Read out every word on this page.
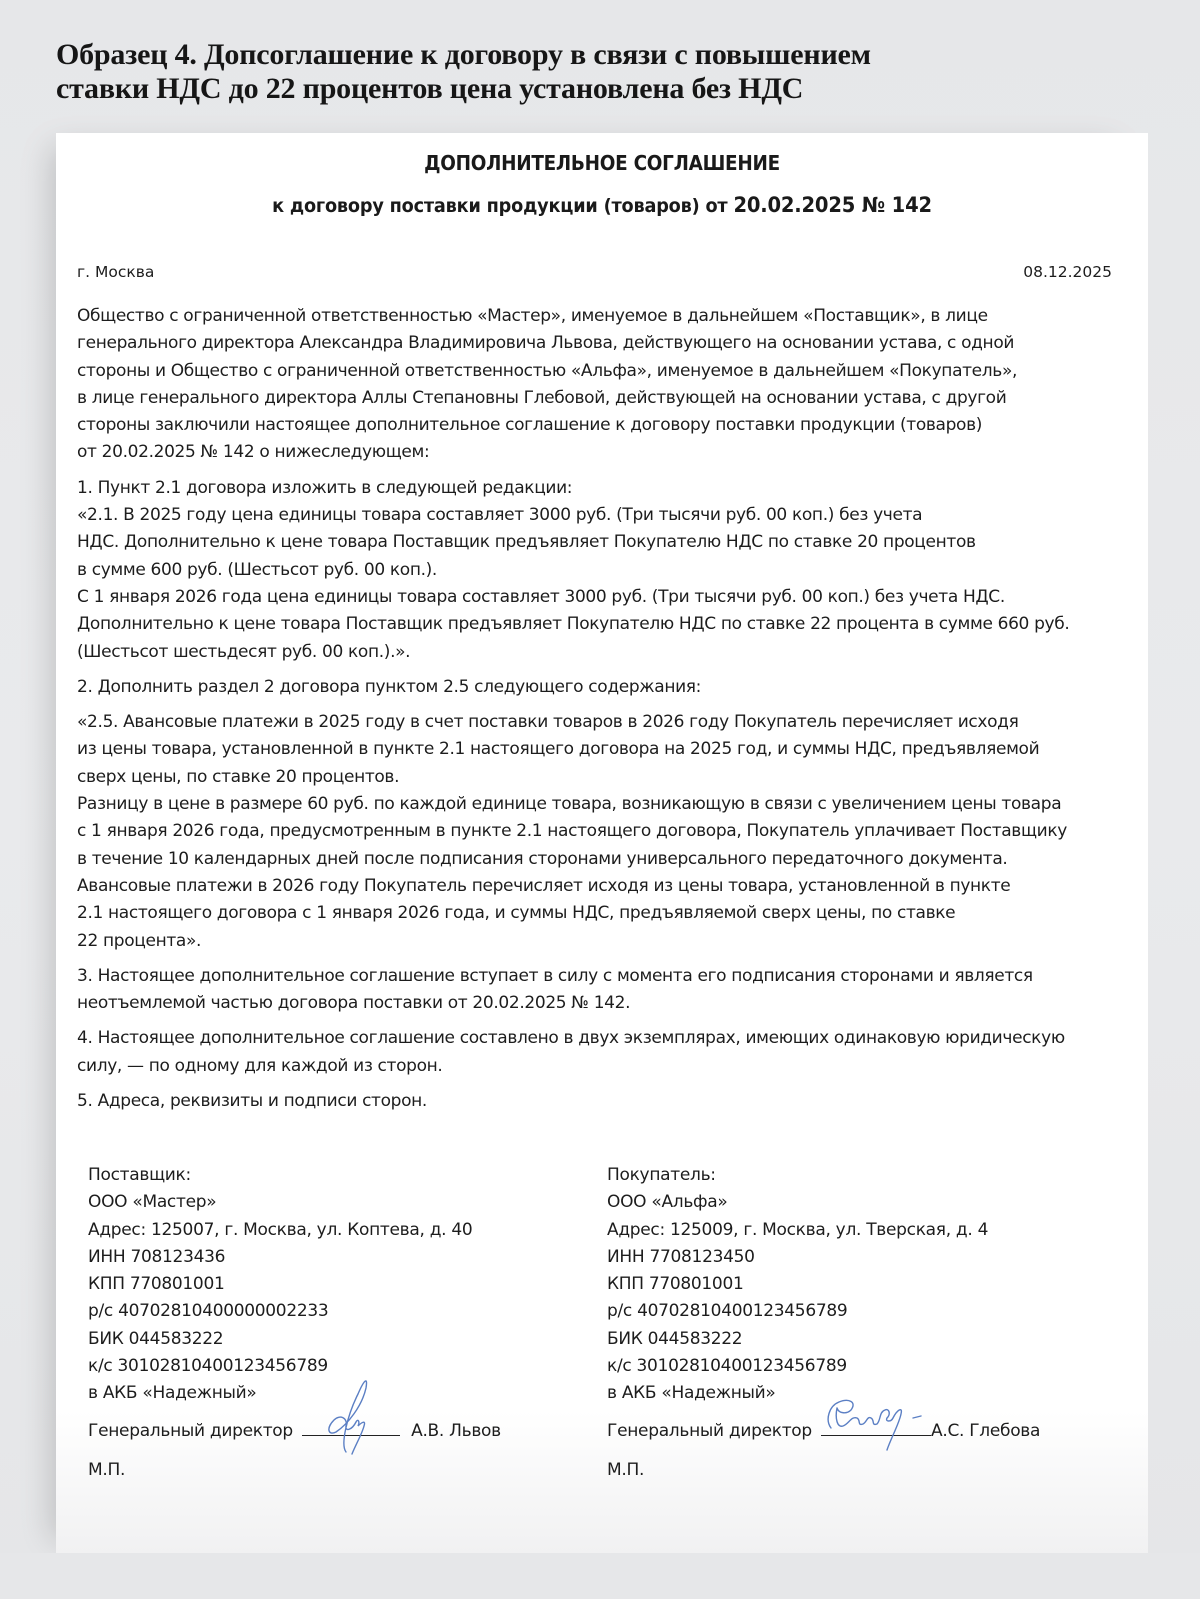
Образец 4. Допсоглашение к договору в связи с повышением
ставки НДС до 22 процентов цена установлена без НДС
ДОПОЛНИТЕЛЬНОЕ СОГЛАШЕНИЕ
к договору поставки продукции (товаров) от 20.02.2025 № 142
г. Москва	08.12.2025
Общество с ограниченной ответственностью «Мастер», именуемое в дальнейшем «Поставщик», в лице
генерального директора Александра Владимировича Львова, действующего на основании устава, с одной
стороны и Общество с ограниченной ответственностью «Альфа», именуемое в дальнейшем «Покупатель»,
в лице генерального директора Аллы Степановны Глебовой, действующей на основании устава, с другой
стороны заключили настоящее дополнительное соглашение к договору поставки продукции (товаров)
от 20.02.2025 № 142 о нижеследующем:
1. Пункт 2.1 договора изложить в следующей редакции:
«2.1. В 2025 году цена единицы товара составляет 3000 руб. (Три тысячи руб. 00 коп.) без учета
НДС. Дополнительно к цене товара Поставщик предъявляет Покупателю НДС по ставке 20 процентов
в сумме 600 руб. (Шестьсот руб. 00 коп.).
С 1 января 2026 года цена единицы товара составляет 3000 руб. (Три тысячи руб. 00 коп.) без учета НДС.
Дополнительно к цене товара Поставщик предъявляет Покупателю НДС по ставке 22 процента в сумме 660 руб.
(Шестьсот шестьдесят руб. 00 коп.).».
2. Дополнить раздел 2 договора пунктом 2.5 следующего содержания:
«2.5. Авансовые платежи в 2025 году в счет поставки товаров в 2026 году Покупатель перечисляет исходя
из цены товара, установленной в пункте 2.1 настоящего договора на 2025 год, и суммы НДС, предъявляемой
сверх цены, по ставке 20 процентов.
Разницу в цене в размере 60 руб. по каждой единице товара, возникающую в связи с увеличением цены товара
с 1 января 2026 года, предусмотренным в пункте 2.1 настоящего договора, Покупатель уплачивает Поставщику
в течение 10 календарных дней после подписания сторонами универсального передаточного документа.
Авансовые платежи в 2026 году Покупатель перечисляет исходя из цены товара, установленной в пункте
2.1 настоящего договора с 1 января 2026 года, и суммы НДС, предъявляемой сверх цены, по ставке
22 процента».
3. Настоящее дополнительное соглашение вступает в силу с момента его подписания сторонами и является
неотъемлемой частью договора поставки от 20.02.2025 № 142.
4. Настоящее дополнительное соглашение составлено в двух экземплярах, имеющих одинаковую юридическую
силу, — по одному для каждой из сторон.
5. Адреса, реквизиты и подписи сторон.
Поставщик:
ООО «Мастер»
Адрес: 125007, г. Москва, ул. Коптева, д. 40
ИНН 708123436
КПП 770801001
р/с 40702810400000002233
БИК 044583222
к/с 30102810400123456789
в АКБ «Надежный»
Генеральный директор	А.В. Львов
М.П.
Покупатель:
ООО «Альфа»
Адрес: 125009, г. Москва, ул. Тверская, д. 4
ИНН 7708123450
КПП 770801001
р/с 40702810400123456789
БИК 044583222
к/с 30102810400123456789
в АКБ «Надежный»
Генеральный директор	А.С. Глебова
М.П.
